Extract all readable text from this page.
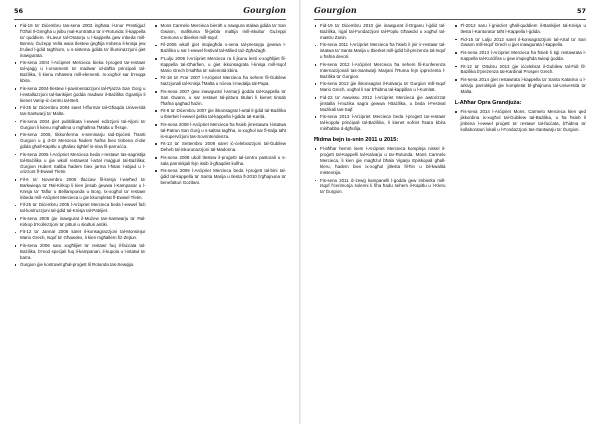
56	Gourgion
Fid-19 ta' Diċembru tas-sena 2003 ingħata l-Unur Prestiġjuż f'Għal Il-Ġimgħa u jsibu mal-Kontrattur ta' ir-Rotunda; il-kappella ta' quddiem. Il-Lavur tal-Oratorju u l-kappella ġew inbeda mill-Benna; Ġużepp Vella wara tlestew ġegħija Imbena il-knisja jew b'ulied l-ġdid tagħhom, u s-sistema ġdida ta' illuminazzjoni ġiet inawgurata.
Fis-sena 2004 l-Arċipriet Mercieca bieka l-proġett tar-restawr tal-vjaġġ u l-ornamenti ta' madwar id-daħla prinċipali tal-Bażilika, li kienu mħassra mill-elementi. Ix-xogħol sar b'reqqa kbira.
Fis-sena 2004-tlestew l-pavimentazzjoni tal-Pjazza San Ġorġ u l-installazzjoni tal-bankijiet ġodda madwar il-Bażilika Ġgantija li kienet Vamp-iċ-ċentru tal-Belt.
Fil-25 ta' Diċembru 2004 saret l-iffurmar tal-Għaqda Università tas-Santwarji ta' Malta.
Fis-sena 2004 ġiet pubblikata l-ewwel edizzjoni tal-Aljoni ta' Ġurgion li kienu mgħallma u mgħallma f'Malta u fl-Isqe.
Fis-sena 2005, tikkonferma s-seminarju tad-Djoċesi f'Isarti Ġurgion u ġ d-Dr Mercieca ħadem ħafna biex tinbena d-dar ġdida għall-Kapitlu u għaliex tigħlef in-nisa fil-parroċċa.
Fis-sena 2005 l-Arċipriet Mercieca beda r-restawr tas-sagristija tal-Bażilika u ġie wkoll restawrat l-artal maġġuri tal-Bażilika; Ġurgion Hubert Saliba ħadem biex jarma l-ħitan l-abjad u l-orizzont fl-Ewwel Tletin.
Fil-6 ta' Novembru 2005 tfaċċaw fil-knisja l-wieħed ta' Barkwieqa ta' Ħal-Kirkop li kien jinsab ġewwa l-Kampanar u l-Knisja ta' Taflur u Bellamponda u Borg. Ix-xogħol ta' restawr inbeda mill-Arċipriet Mercieca u ġie kkompletat fl-Ewwel Tletin.
Fil-25 ta' Diċembru 2005 l-Arċipriet Mercieca beda l-ewwel fażi tal-kostruzzjoni tal-ġdid tal-Knisja tal-Patrijiet.
Fis-sena 2006 ġie inawgurat il-Mużew tas-Santwarju ta' Ħal-Kirkop b'Kollezzjoni ta' pitturi u skulturi antiki.
Fit-12 ta' Jannar 2006 saret il-konsagrazzjoni tal-Monsinjur Mario Grech, Isqof ta' Għawdex, li kien mgħallem fiż-Żejtun.
Fis-sena 2006 saru xogħlijiet ta' restawr fuq il-faċċata tal-Bażilika, b'mod speċjali fuq il-kampanari, il-kupola u l-istatwi ta' barra.
Ġurgion ġie kostruwit għal-proġett lil Rotunda tas-Sewqija.
Mons Carmelo Mercieca bieraħ u nawgura stalwa ġdida ta' San Ġwann, mafkluma fil-ġebla maltija mill-iskultur Ġużeppi Cremona u tbierket mill-Isqof.
Fil-2006 wkoll ġiet imqiegħda x-xena tal-presepju ġewwa l-Bażilika u sar l-ewwel festival tal-Milied taż-Żgħażagħ.
F'Lulju 2006 l-Arċipriet Mercieca ra li jkunu lesti x-xogħlijiet fil-Kappella tal-Għarfien, u ġiet ikkonsagrata l-knisja mill-Isqof Mario Grech b'saħħa ta' solennità kbira.
Fit-18 ta' Frar 2007 l-Arċipriet Mercieca ħa sehem fil-Ġubilew Nazzjonali tal-Knisja f'Malta u rċieva l-medalja tal-Papa.
Fis-sena 2007 ġew inawgurati l-armarji ġodda tal-Kappella ta' San Ġwann, u sar restawr tal-pittura titulari li kienet tinsab f'ħafna qagħad ħażin.
Fit-8 ta' Diċembru 2007 ġie ikkonsagrat l-artal il-ġdid tal-Bażilika u tbierket l-ewwel ġebla tal-kappella l-ġdida tal-Karità.
Fis-sena 2008 l-Arċipriet Mercieca ħa ħsieb jirrestawra l-istatwa tal-Patrun San Ġorġ u s-saltna tagħha, ix-xogħol sar fl-Italja taħt is-superviżjoni tas-Sovrintendenza.
Fit-13 ta' Settembru 2008 saret iċ-ċelebrazzjoni tal-Ġubilew Deheb tal-inkurunazzjoni tal-Madonna.
Fis-sena 2008 ukoll tlestew il-proġetti tal-ċentru pastorali u s-sala parrokkjali fejn issib il-għaqdiet kollha.
Fis-sena 2009 l-Arċipriet Mercieca beda l-proġett tal-bini tal-ġdid tal-kappella ta' Santa Marija u tlesta fl-2010 b'għajnuna ta' benefatturi Gozitani.
Gourgion	57
Fid-19 ta' Diċembru 2010 ġie inawgurat il-Organu l-ġdid tal-Bażilika, rigal tal-Fondazzjoni tal-Poplu Għawdxi u xogħol tal-mastru Zanin.
Fis-sena 2011 l-Arċipriet Mercieca ħa ħsieb li jsir ir-restawr tal-istatwa ta' Santa Marija u tbierket mill-ġdid bil-preżenza tal-Isqof u ħafna devoti.
Fis-sena 2012 l-Arċipriet Mercieca ħa sehem fil-Konferenza Internazzjonali tas-Santwarji Marjani f'Ruma fejn ippreżenta l-Bażilika ta' Ġurgion.
Fis-sena 2012 ġie ikkonsagrat il-Kalvarju ta' Ġurgion mill-Isqof Mario Grech, xogħol li sar b'ħidma tal-kappillan u l-Kumitat.
Fid-22 ta' Awwissu 2012 l-Arċipriet Mercieca ġie awtorizzat jinstalla l-mużika sagra ġewwa l-Bażilika, u beda l-Festival Mużikali tas-Sajf.
Fis-sena 2013 l-Arċipriet Mercieca beda l-proġett tar-restawr tal-koppla prinċipali tal-Bażilika, li kienet sofriet ħsara kbira minħabba d-dgħufija.
Ħidma bejn is-snin 2011 u 2015:
Fl-aħħar hemm isem l-Arċipriet Mercieca kompleja nissel il-proġett tal-Kappelli tal-Kalvarju u tar-Rotunda. Mons Carmelo Mercieca, li kien ġie magħżul bħala Vigarju Episkopali għall-kleru, ħadem biex ix-xogħol jitlesta fil-ħin u bil-kwalità mistennija.
Fis-sena 2011 iż-żewġ kampanelli l-ġodda ġew imbierka mill-Isqof f'ċerimonja solenni li fiha ħadu sehem il-Kapitlu u l-Kleru ta' Ġurgion.
Fl-2012 saru l-ġnieżiet għall-quddiem il-Bankijiet tal-Knisja u tlesta l-Kantoratur taħt l-Kappella l-ġdida.
Fid-15 ta' Lulju 2012 saret il-konsagrazzjoni tal-Artal ta' San Ġwann mill-Isqof Grech u ġiet inawgurata l-kappella.
Fis-sena 2013 l-Arċipriet Mercieca ħa ħsieb li tiġi restawrata l-Kappella tal-Kurċifiss u ġew imqiegħda twieqi ġodda.
Fit-12 ta' Ottubru 2013 ġie iċċelebrat il-Ġubilew tal-Fidi fil-Bażilika b'preżenza tal-Kardinal Prosper Grech.
Fis-sena 2014 ġiet restawrata l-kappella ta' Santa Katarina u l-arkivju parrokkjali ġie kompletat bl-għajnuna tal-Università ta' Malta.
L-Aħħar Opra Grandjuża:
Fis-sena 2014 l-Arċipriet Mons. Carmelo Mercieca kien qed jikkordina ix-xogħol tal-Ġubilew tal-Bażilika, u ħa ħsieb li jinbena l-ewwel proġett ta' restawr tal-faċċata, b'ħidma ta' kollaboraturi lokali u l-Fondazzjoni tas-Santwarju ta' Ġurgion.
